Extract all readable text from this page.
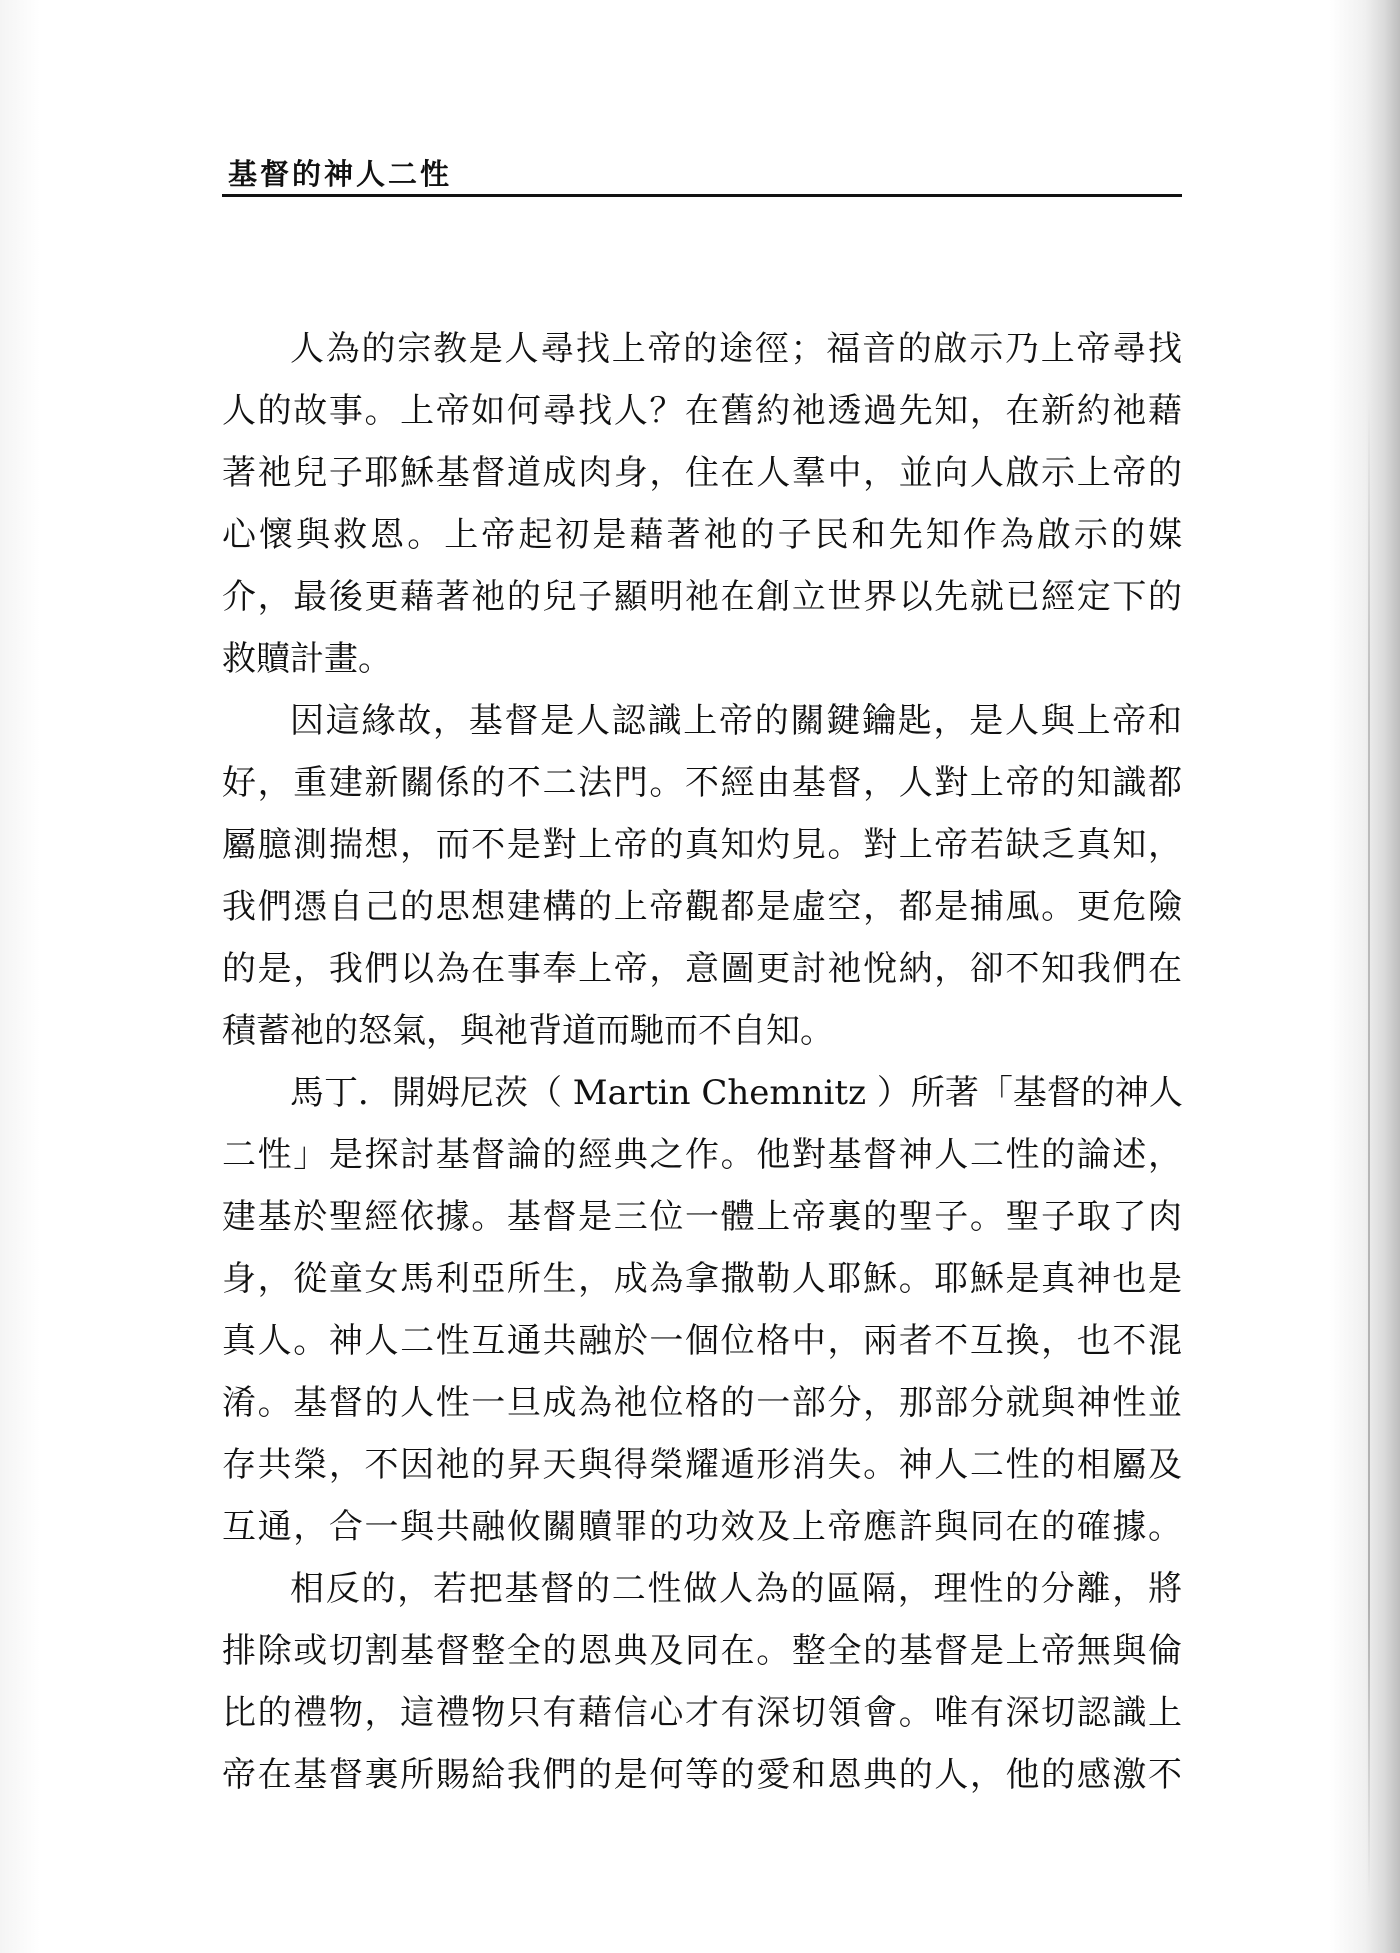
基督的神人二性

人為的宗教是人尋找上帝的途徑；福音的啟示乃上帝尋找
人的故事。上帝如何尋找人？在舊約祂透過先知，在新約祂藉
著祂兒子耶穌基督道成肉身，住在人羣中，並向人啟示上帝的
心懷與救恩。上帝起初是藉著祂的子民和先知作為啟示的媒
介，最後更藉著祂的兒子顯明祂在創立世界以先就已經定下的
救贖計畫。

因這緣故，基督是人認識上帝的關鍵鑰匙，是人與上帝和
好，重建新關係的不二法門。不經由基督，人對上帝的知識都
屬臆測揣想，而不是對上帝的真知灼見。對上帝若缺乏真知，
我們憑自己的思想建構的上帝觀都是虛空，都是捕風。更危險
的是，我們以為在事奉上帝，意圖更討祂悅納，卻不知我們在
積蓄祂的怒氣，與祂背道而馳而不自知。

馬丁．開姆尼茨（ Martin Chemnitz ）所著「基督的神人
二性」是探討基督論的經典之作。他對基督神人二性的論述，
建基於聖經依據。基督是三位一體上帝裏的聖子。聖子取了肉
身，從童女馬利亞所生，成為拿撒勒人耶穌。耶穌是真神也是
真人。神人二性互通共融於一個位格中，兩者不互換，也不混
淆。基督的人性一旦成為祂位格的一部分，那部分就與神性並
存共榮，不因祂的昇天與得榮耀遁形消失。神人二性的相屬及
互通，合一與共融攸關贖罪的功效及上帝應許與同在的確據。

相反的，若把基督的二性做人為的區隔，理性的分離，將
排除或切割基督整全的恩典及同在。整全的基督是上帝無與倫
比的禮物，這禮物只有藉信心才有深切領會。唯有深切認識上
帝在基督裏所賜給我們的是何等的愛和恩典的人，他的感激不
